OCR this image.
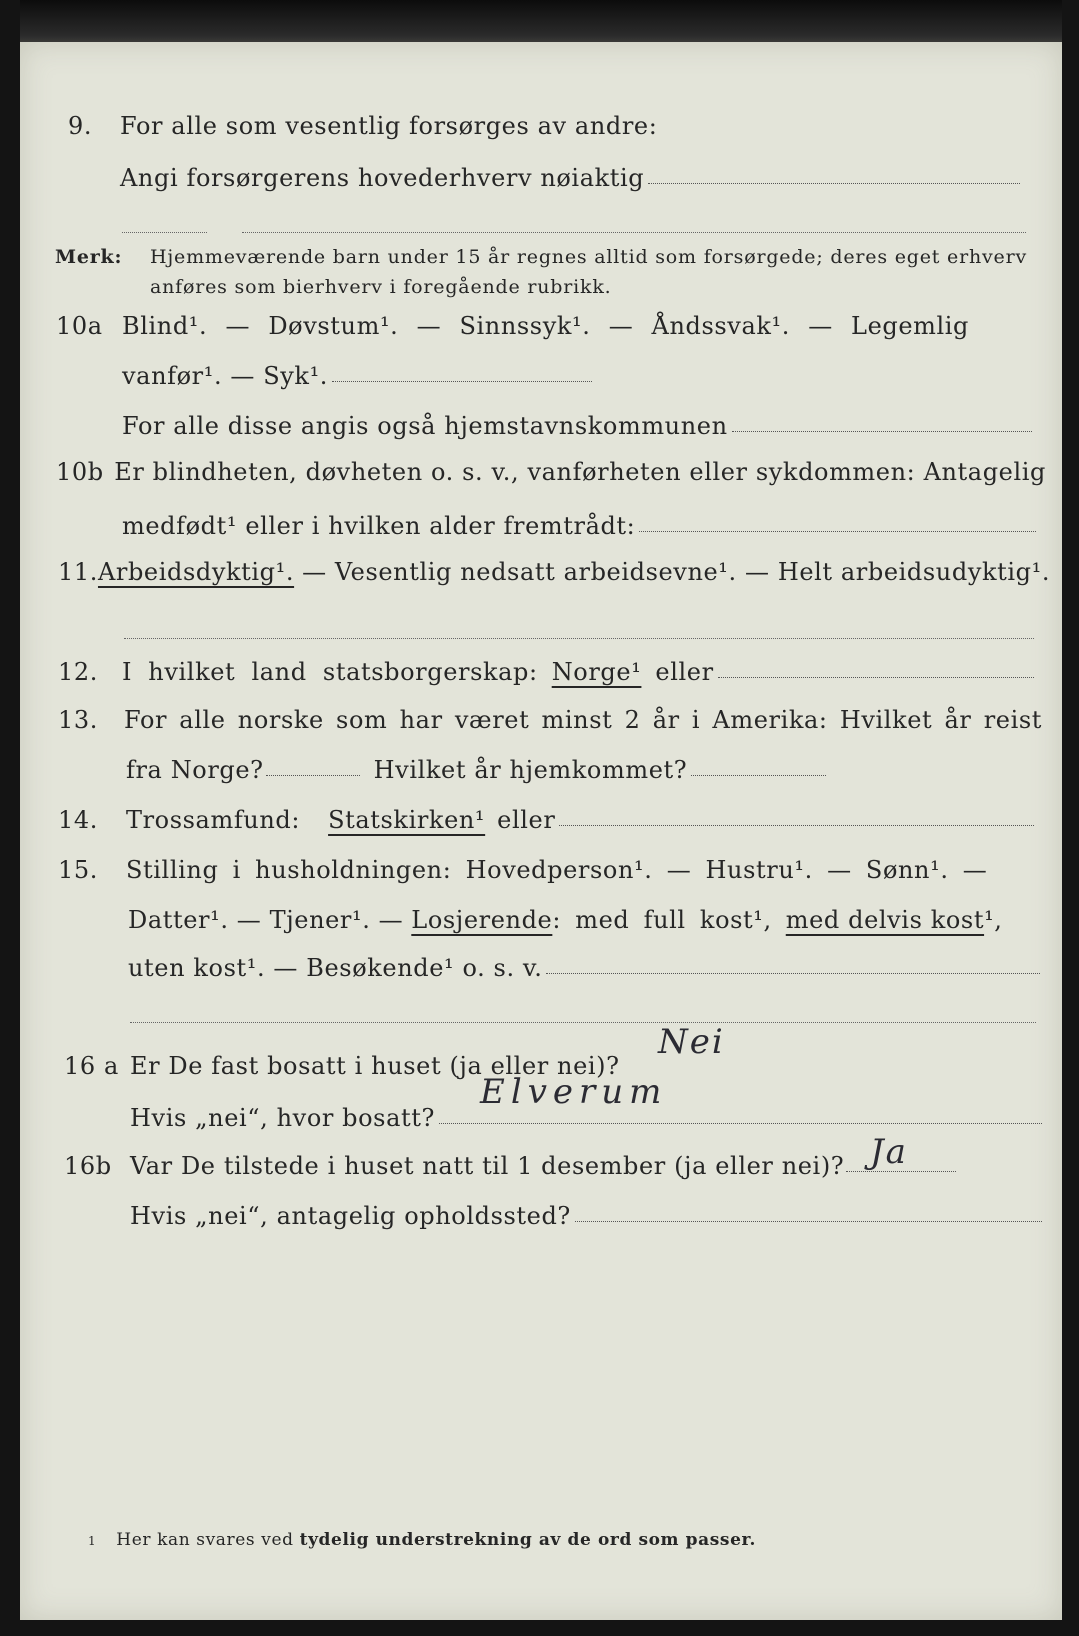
9.	For alle som vesentlig forsørges av andre:
Angi forsørgerens hovederhverv nøiaktig
Merk:	Hjemmeværende barn under 15 år regnes alltid som forsørgede; deres eget erhverv
anføres som bierhverv i foregående rubrikk.
10a Blind¹. — Døvstum¹. — Sinnssyk¹. — Åndssvak¹. — Legemlig
vanfør¹. — Syk¹.
For alle disse angis også hjemstavnskommunen
10b Er blindheten, døvheten o. s. v., vanførheten eller sykdommen: Antagelig
medfødt¹ eller i hvilken alder fremtrådt:
11. Arbeidsdyktig¹. — Vesentlig nedsatt arbeidsevne¹. — Helt arbeidsudyktig¹.
12.	I hvilket land statsborgerskap: Norge¹ eller
13.	For alle norske som har været minst 2 år i Amerika: Hvilket år reist
fra Norge?	Hvilket år hjemkommet?
14.	Trossamfund: Statskirken¹ eller
15.	Stilling i husholdningen: Hovedperson¹. — Hustru¹. — Sønn¹. —
Datter¹. — Tjener¹. — Losjerende : med full kost¹, med delvis kost ¹,
uten kost¹. — Besøkende¹ o. s. v.
16 a Er De fast bosatt i huset (ja eller nei)?
Nei
Hvis „nei“, hvor bosatt?
Elverum
16b Var De tilstede i huset natt til 1 desember (ja eller nei)? Ja
Hvis „nei“, antagelig opholdssted?
1 Her kan svares ved tydelig understrekning av de ord som passer.
